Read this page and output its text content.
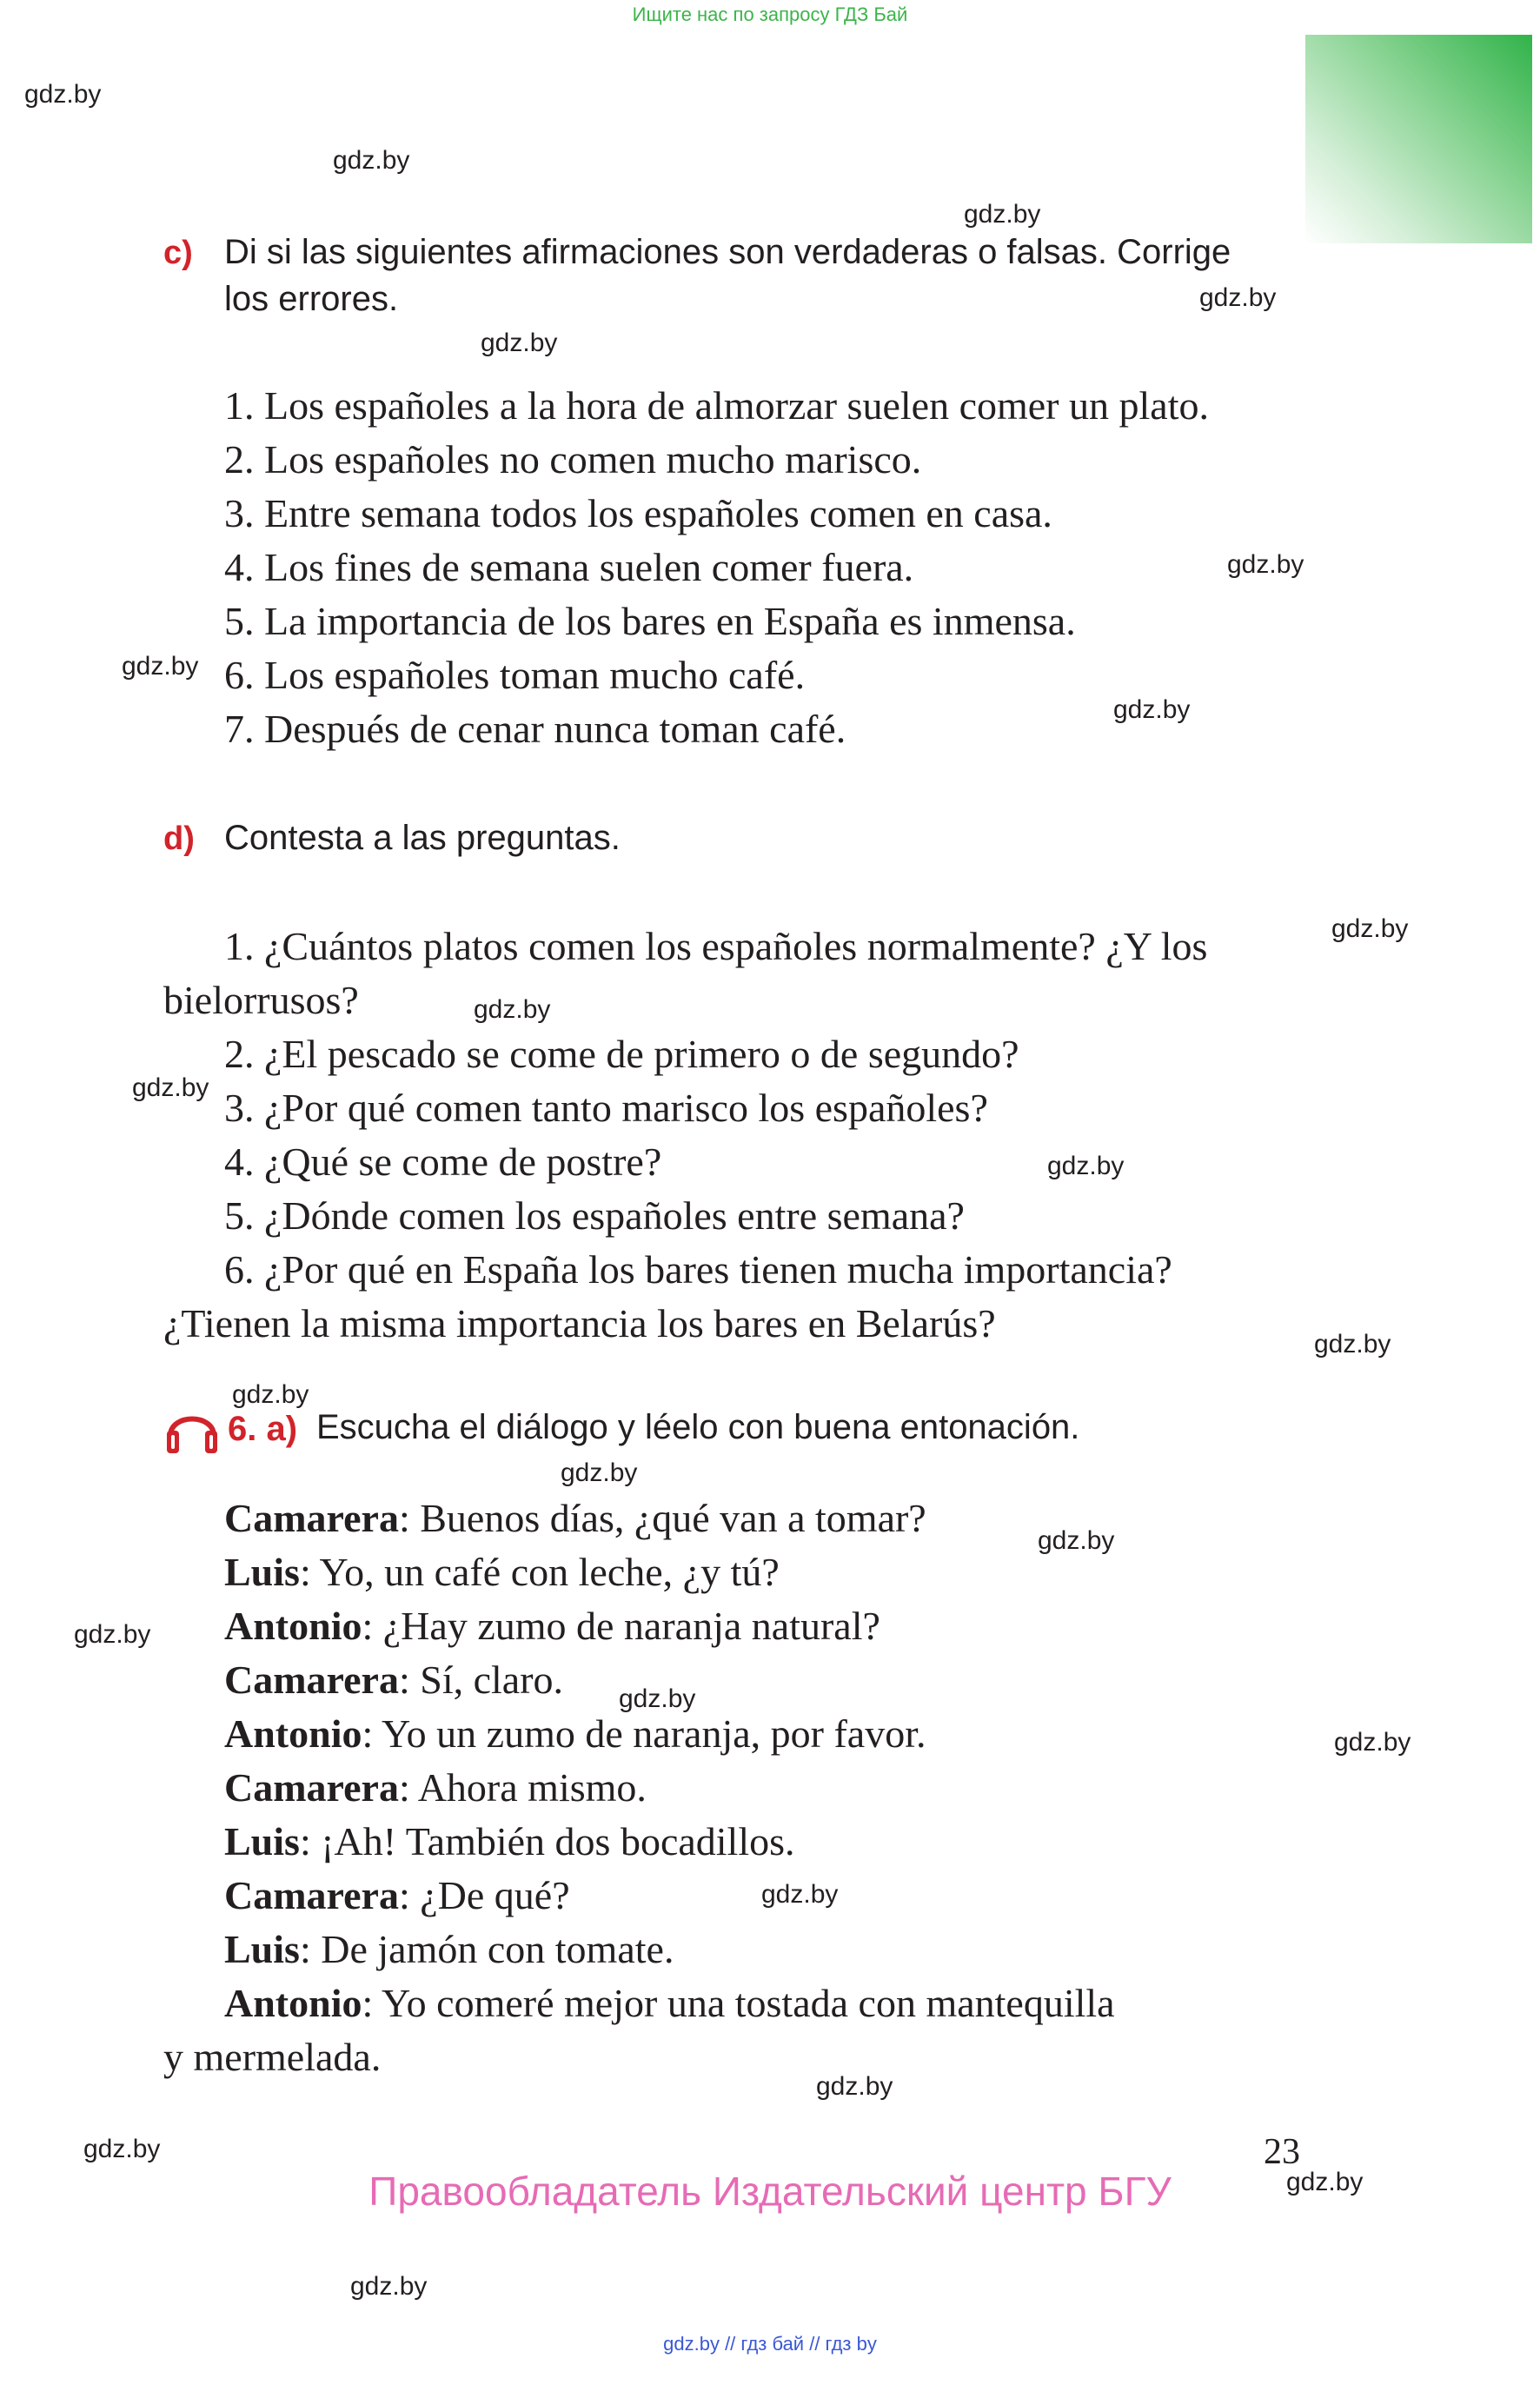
Ищите нас по запросу ГДЗ Бай
gdz.by
gdz.by
gdz.by
gdz.by
gdz.by
gdz.by
gdz.by
gdz.by
gdz.by
gdz.by
gdz.by
gdz.by
gdz.by
gdz.by
gdz.by
gdz.by
gdz.by
gdz.by
gdz.by
gdz.by
gdz.by
gdz.by
gdz.by
gdz.by
c) Di si las siguientes afirmaciones son verdaderas o falsas. Corrige
los errores.
1. Los españoles a la hora de almorzar suelen comer un plato.
2. Los españoles no comen mucho marisco.
3. Entre semana todos los españoles comen en casa.
4. Los fines de semana suelen comer fuera.
5. La importancia de los bares en España es inmensa.
6. Los españoles toman mucho café.
7. Después de cenar nunca toman café.
d) Contesta a las preguntas.
1. ¿Cuántos platos comen los españoles normalmente? ¿Y los
bielorrusos?
2. ¿El pescado se come de primero o de segundo?
3. ¿Por qué comen tanto marisco los españoles?
4. ¿Qué se come de postre?
5. ¿Dónde comen los españoles entre semana?
6. ¿Por qué en España los bares tienen mucha importancia?
¿Tienen la misma importancia los bares en Belarús?
6. a) Escucha el diálogo y léelo con buena entonación.
Camarera: Buenos días, ¿qué van a tomar?
Luis: Yo, un café con leche, ¿y tú?
Antonio: ¿Hay zumo de naranja natural?
Camarera: Sí, claro.
Antonio: Yo un zumo de naranja, por favor.
Camarera: Ahora mismo.
Luis: ¡Ah! También dos bocadillos.
Camarera: ¿De qué?
Luis: De jamón con tomate.
Antonio: Yo comeré mejor una tostada con mantequilla
y mermelada.
23
Правообладатель Издательский центр БГУ
gdz.by // гдз бай // гдз by
